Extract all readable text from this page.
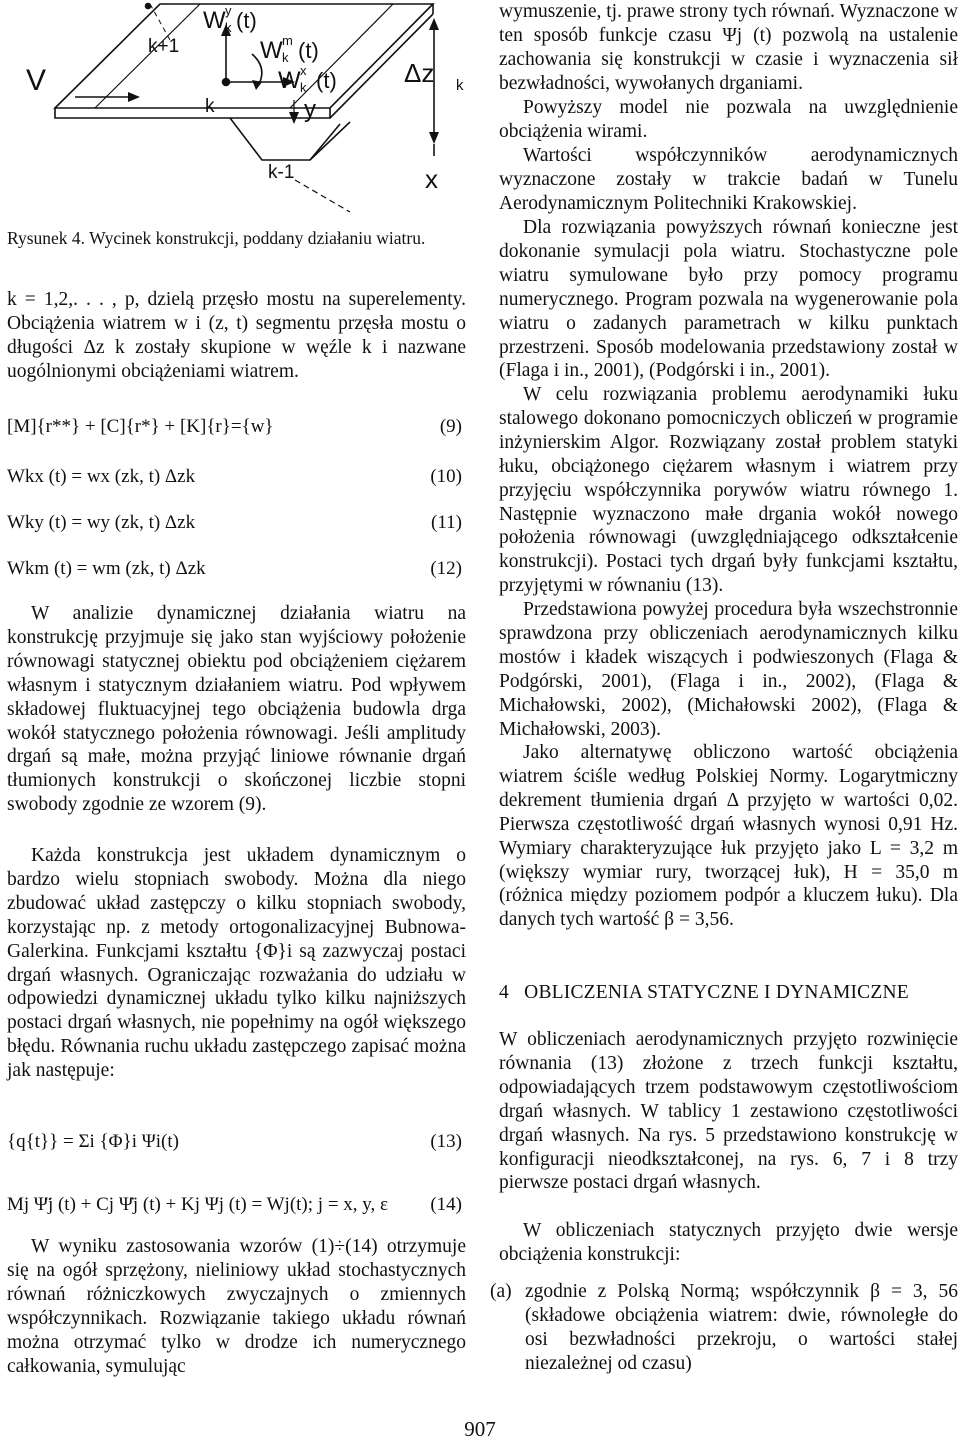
V
k+1
k
k-1
W y
k (t)
W m
k (t)
W x
k (t)
y
x
Δz k

Rysunek 4. Wycinek konstrukcji, poddany działaniu wiatru.

k = 1,2,. . . , p, dzielą przęsło mostu na superelementy. Obciążenia wiatrem w i (z, t) segmentu przęsła mostu o długości Δz k zostały skupione w węźle k i nazwane uogólnionymi obciążeniami wiatrem.

[M]{r**} + [C]{r*} + [K]{r}={w}	(9)
Wkx (t) = wx (zk, t) Δzk	(10)
Wky (t) = wy (zk, t) Δzk	(11)
Wkm (t) = wm (zk, t) Δzk	(12)

W analizie dynamicznej działania wiatru na konstrukcję przyjmuje się jako stan wyjściowy położenie równowagi statycznej obiektu pod obciążeniem ciężarem własnym i statycznym działaniem wiatru. Pod wpływem składowej fluktuacyjnej tego obciążenia budowla drga wokół statycznego położenia równowagi. Jeśli amplitudy drgań są małe, można przyjąć liniowe równanie drgań tłumionych konstrukcji o skończonej liczbie stopni swobody zgodnie ze wzorem (9).

Każda konstrukcja jest układem dynamicznym o bardzo wielu stopniach swobody. Można dla niego zbudować układ zastępczy o kilku stopniach swobody, korzystając np. z metody ortogonalizacyjnej Bubnowa-Galerkina. Funkcjami kształtu {Φ}i są zazwyczaj postaci drgań własnych. Ograniczając rozważania do udziału w odpowiedzi dynamicznej układu tylko kilku najniższych postaci drgań własnych, nie popełnimy na ogół większego błędu. Równania ruchu układu zastępczego zapisać można jak następuje:

{q{t}} = Σi {Φ}i Ψi(t)	(13)
Mj Ψ̈j (t) + Cj Ψ̇j (t) + Kj Ψj (t) = Wj(t); j = x, y, ε (14)

W wyniku zastosowania wzorów (1)÷(14) otrzymuje się na ogół sprzężony, nieliniowy układ stochastycznych równań różniczkowych zwyczajnych o zmiennych współczynnikach. Rozwiązanie takiego układu równań można otrzymać tylko w drodze ich numerycznego całkowania, symulując

wymuszenie, tj. prawe strony tych równań. Wyznaczone w ten sposób funkcje czasu Ψj (t) pozwolą na ustalenie zachowania się konstrukcji w czasie i wyznaczenia sił bezwładności, wywołanych drganiami.

Powyższy model nie pozwala na uwzględnienie obciążenia wirami.

Wartości współczynników aerodynamicznych wyznaczone zostały w trakcie badań w Tunelu Aerodynamicznym Politechniki Krakowskiej.

Dla rozwiązania powyższych równań konieczne jest dokonanie symulacji pola wiatru. Stochastyczne pole wiatru symulowane było przy pomocy programu numerycznego. Program pozwala na wygenerowanie pola wiatru o zadanych parametrach w kilku punktach przestrzeni. Sposób modelowania przedstawiony został w (Flaga i in., 2001), (Podgórski i in., 2001).

W celu rozwiązania problemu aerodynamiki łuku stalowego dokonano pomocniczych obliczeń w programie inżynierskim Algor. Rozwiązany został problem statyki łuku, obciążonego ciężarem własnym i wiatrem przy przyjęciu współczynnika porywów wiatru równego 1. Następnie wyznaczono małe drgania wokół nowego położenia równowagi (uwzględniającego odkształcenie konstrukcji). Postaci tych drgań były funkcjami kształtu, przyjętymi w równaniu (13).

Przedstawiona powyżej procedura była wszechstronnie sprawdzona przy obliczeniach aerodynamicznych kilku mostów i kładek wiszących i podwieszonych (Flaga & Podgórski, 2001), (Flaga i in., 2002), (Flaga & Michałowski, 2002), (Michałowski 2002), (Flaga & Michałowski, 2003).

Jako alternatywę obliczono wartość obciążenia wiatrem ściśle według Polskiej Normy. Logarytmiczny dekrement tłumienia drgań Δ przyjęto w wartości 0,02. Pierwsza częstotliwość drgań własnych wynosi 0,91 Hz. Wymiary charakteryzujące łuk przyjęto jako L = 3,2 m (większy wymiar rury, tworzącej łuk), H = 35,0 m (różnica między poziomem podpór a kluczem łuku). Dla danych tych wartość β = 3,56.

4   OBLICZENIA STATYCZNE I DYNAMICZNE

W obliczeniach aerodynamicznych przyjęto rozwinięcie równania (13) złożone z trzech funkcji kształtu, odpowiadających trzem podstawowym częstotliwościom drgań własnych. W tablicy 1 zestawiono częstotliwości drgań własnych. Na rys. 5 przedstawiono konstrukcję w konfiguracji nieodkształconej, na rys. 6, 7 i 8 trzy pierwsze postaci drgań własnych.

W obliczeniach statycznych przyjęto dwie wersje obciążenia konstrukcji:

(a) zgodnie z Polską Normą; współczynnik β = 3, 56 (składowe obciążenia wiatrem: dwie, równoległe do osi bezwładności przekroju, o wartości stałej niezależnej od czasu)

907
